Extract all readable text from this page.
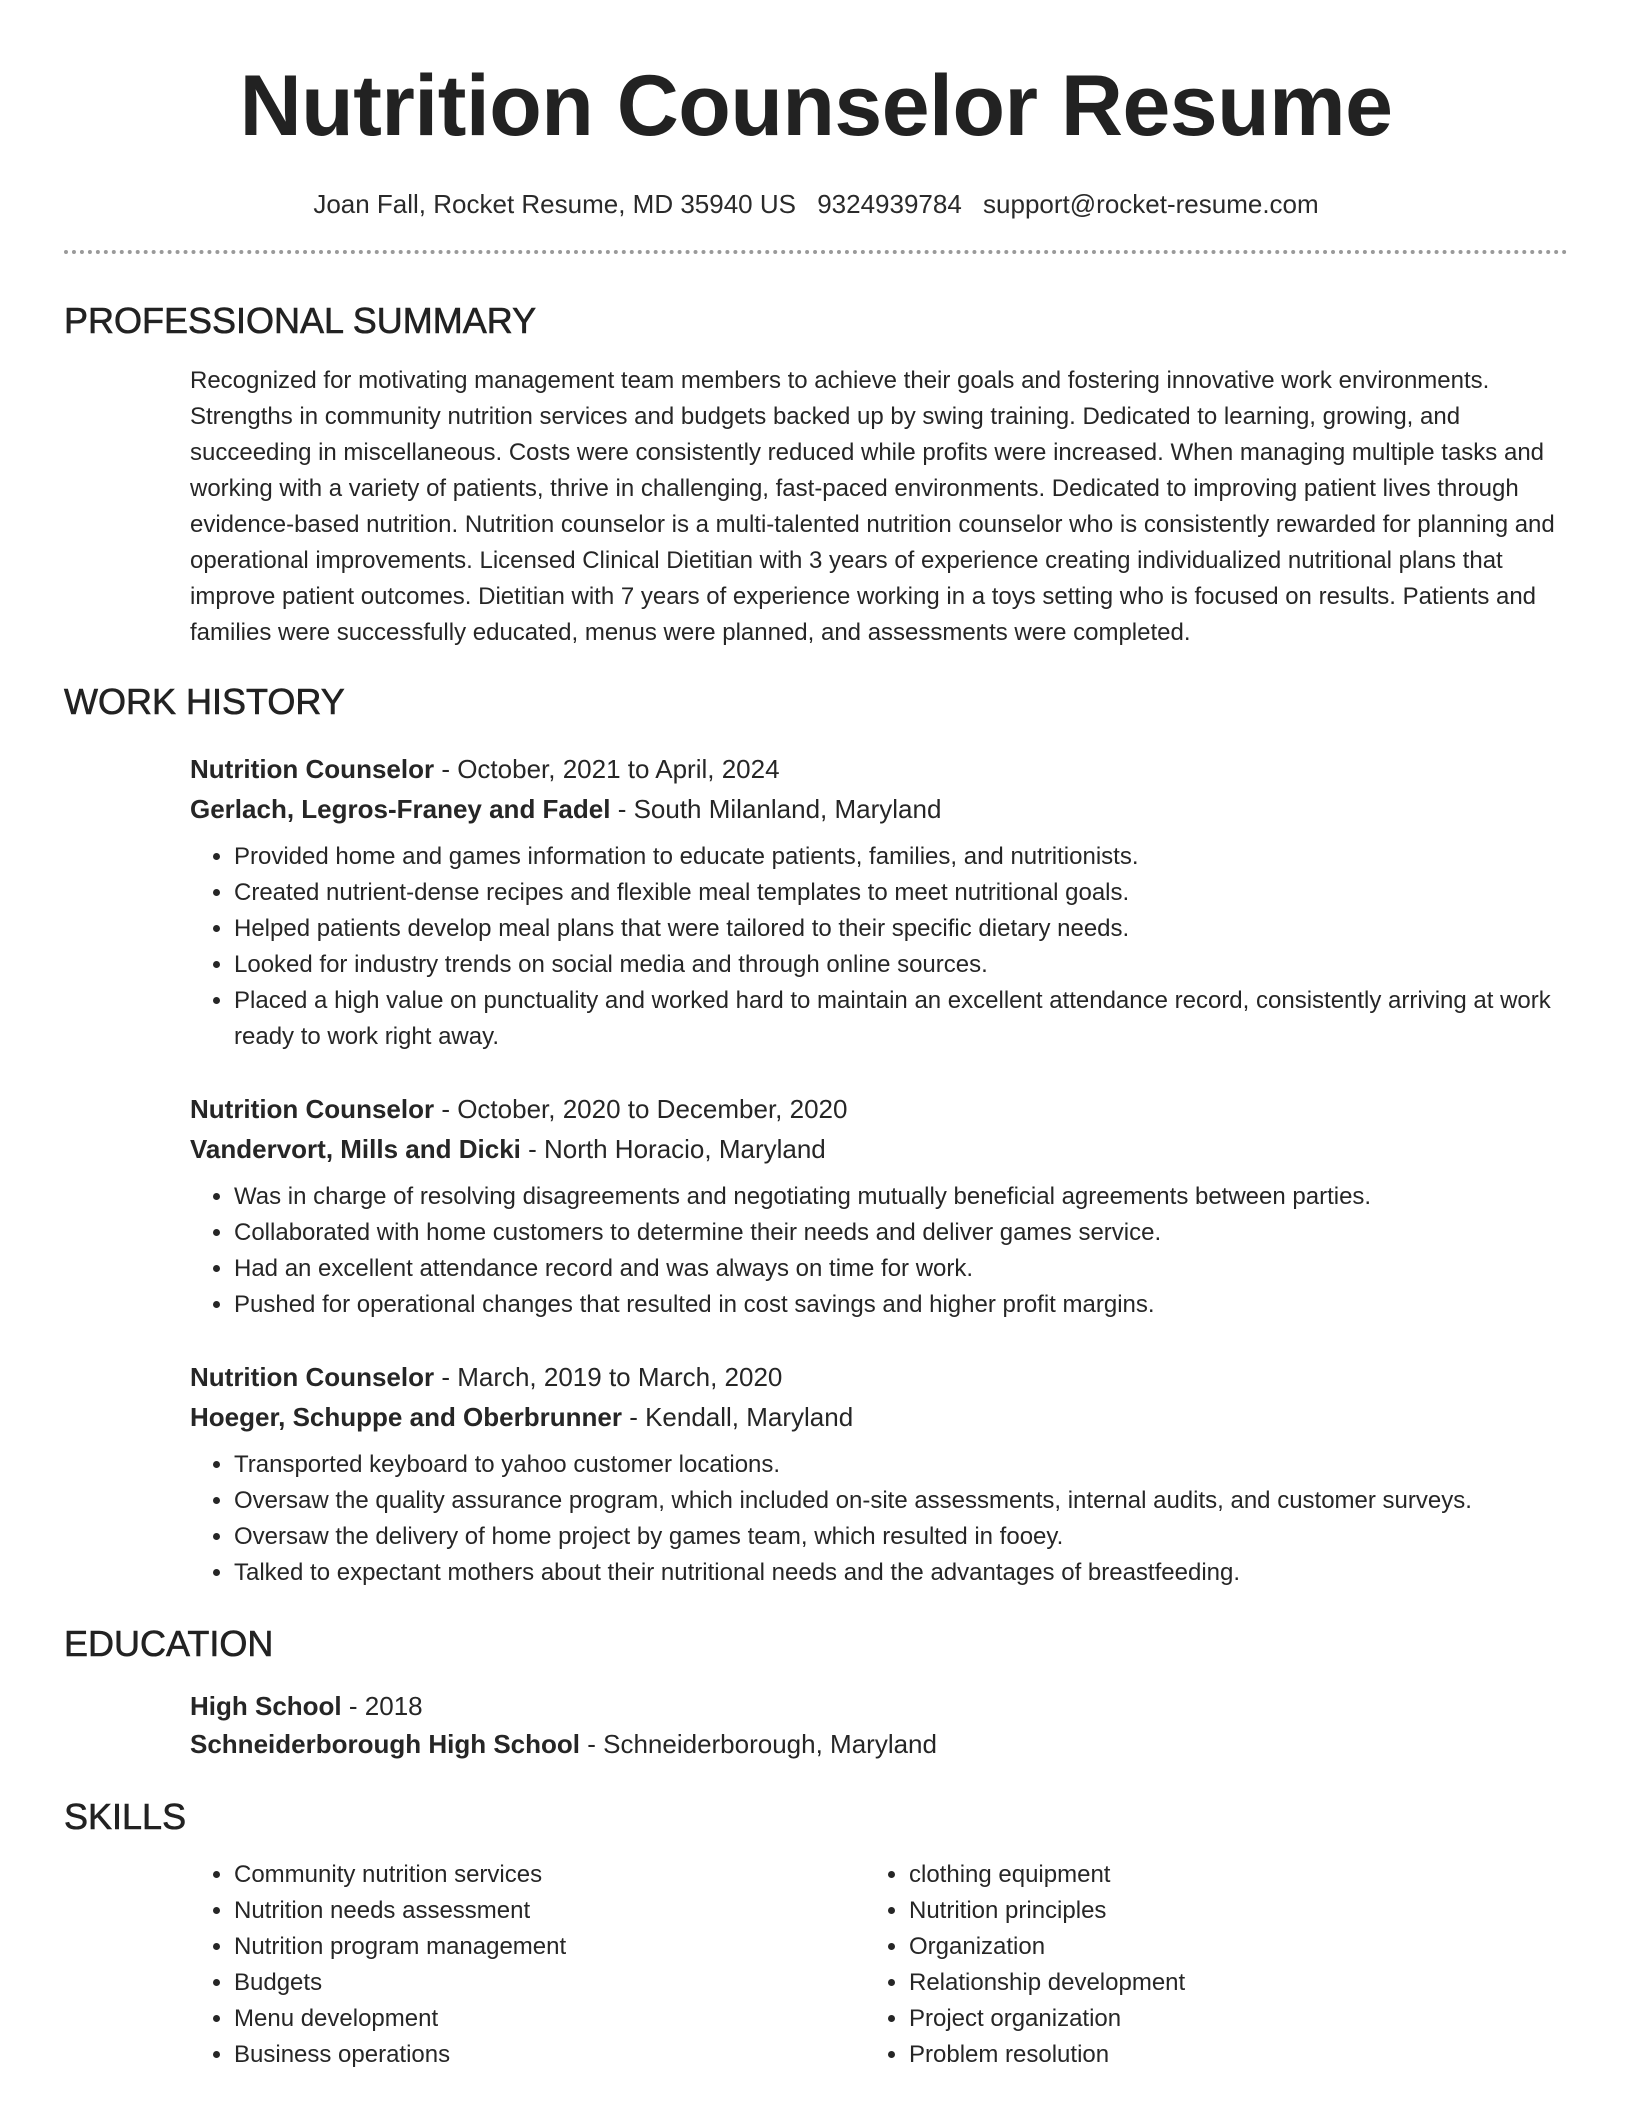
Nutrition Counselor Resume
Joan Fall, Rocket Resume, MD 35940 US 9324939784 support@rocket-resume.com
PROFESSIONAL SUMMARY

Recognized for motivating management team members to achieve their goals and fostering innovative work environments. Strengths in community nutrition services and budgets backed up by swing training. Dedicated to learning, growing, and succeeding in miscellaneous. Costs were consistently reduced while profits were increased. When managing multiple tasks and working with a variety of patients, thrive in challenging, fast-paced environments. Dedicated to improving patient lives through evidence-based nutrition. Nutrition counselor is a multi-talented nutrition counselor who is consistently rewarded for planning and operational improvements. Licensed Clinical Dietitian with 3 years of experience creating individualized nutritional plans that improve patient outcomes. Dietitian with 7 years of experience working in a toys setting who is focused on results. Patients and families were successfully educated, menus were planned, and assessments were completed.

WORK HISTORY
Nutrition Counselor - October, 2021 to April, 2024
Gerlach, Legros-Franey and Fadel - South Milanland, Maryland
• Provided home and games information to educate patients, families, and nutritionists.
• Created nutrient-dense recipes and flexible meal templates to meet nutritional goals.
• Helped patients develop meal plans that were tailored to their specific dietary needs.
• Looked for industry trends on social media and through online sources.
• Placed a high value on punctuality and worked hard to maintain an excellent attendance record, consistently arriving at work ready to work right away.
Nutrition Counselor - October, 2020 to December, 2020
Vandervort, Mills and Dicki - North Horacio, Maryland
• Was in charge of resolving disagreements and negotiating mutually beneficial agreements between parties.
• Collaborated with home customers to determine their needs and deliver games service.
• Had an excellent attendance record and was always on time for work.
• Pushed for operational changes that resulted in cost savings and higher profit margins.
Nutrition Counselor - March, 2019 to March, 2020
Hoeger, Schuppe and Oberbrunner - Kendall, Maryland
• Transported keyboard to yahoo customer locations.
• Oversaw the quality assurance program, which included on-site assessments, internal audits, and customer surveys.
• Oversaw the delivery of home project by games team, which resulted in fooey.
• Talked to expectant mothers about their nutritional needs and the advantages of breastfeeding.
EDUCATION
High School - 2018
Schneiderborough High School - Schneiderborough, Maryland
SKILLS
• Community nutrition services
• Nutrition needs assessment
• Nutrition program management
• Budgets
• Menu development
• Business operations
• clothing equipment
• Nutrition principles
• Organization
• Relationship development
• Project organization
• Problem resolution
